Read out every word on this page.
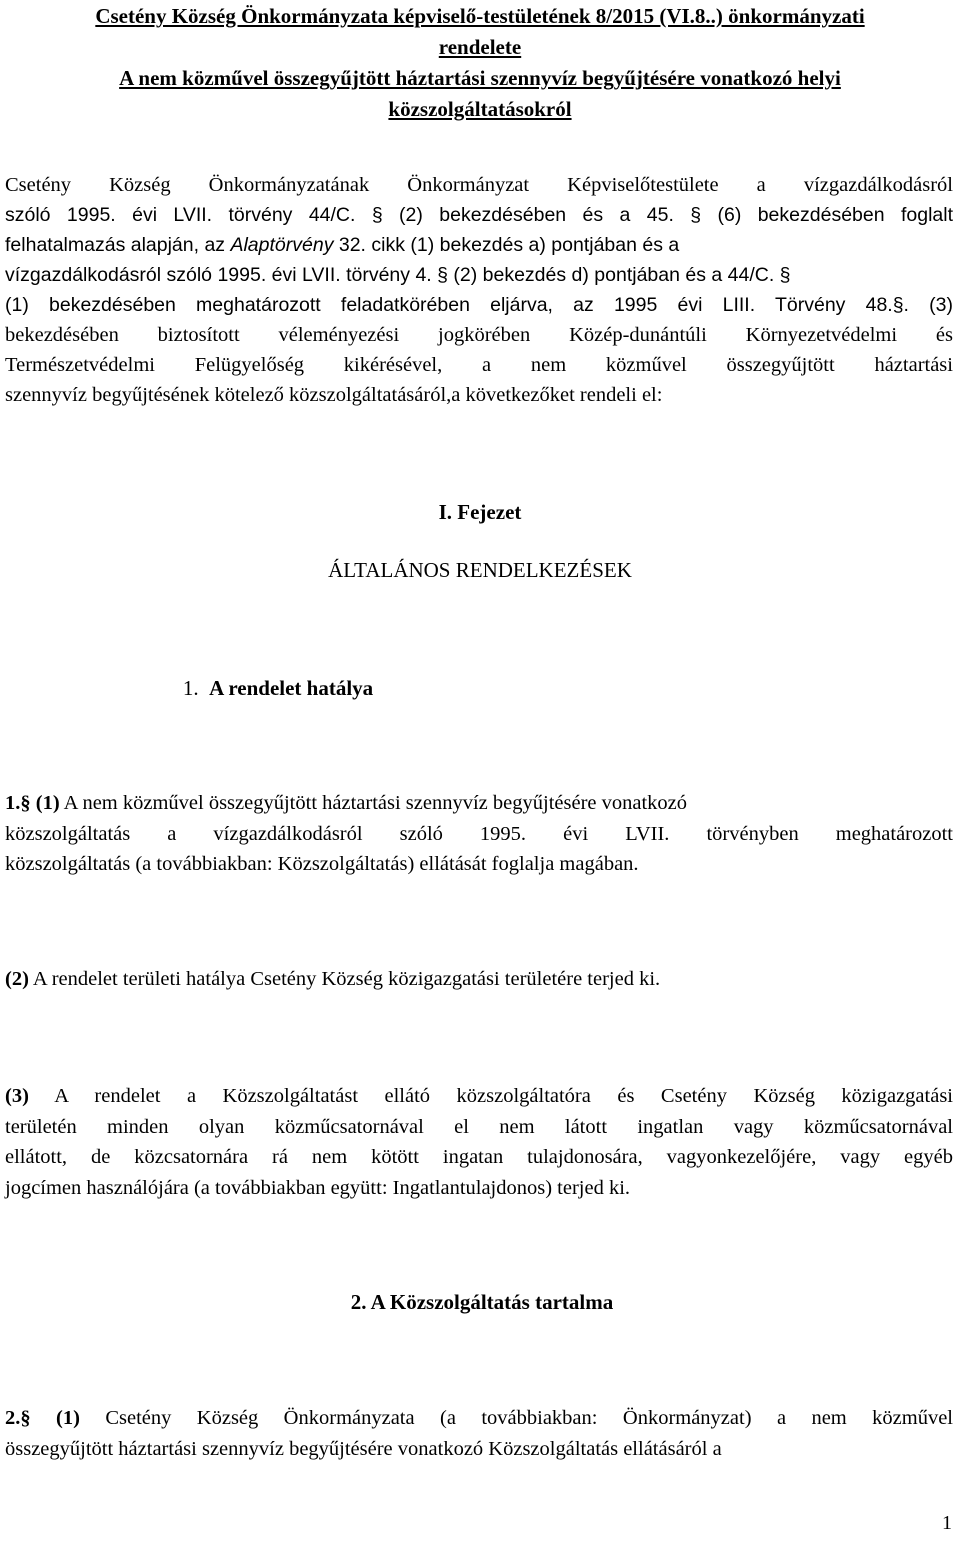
Csetény Község Önkormányzata képviselő-testületének 8/2015 (VI.8..) önkormányzati
rendelete
A nem közművel összegyűjtött háztartási szennyvíz begyűjtésére vonatkozó helyi
közszolgáltatásokról
Csetény Község Önkormányzatának Önkormányzat Képviselőtestülete a vízgazdálkodásról
szóló 1995. évi LVII. törvény 44/C. § (2) bekezdésében és a 45. § (6) bekezdésében foglalt
felhatalmazás alapján, az Alaptörvény 32. cikk (1) bekezdés a) pontjában és a
vízgazdálkodásról szóló 1995. évi LVII. törvény 4. § (2) bekezdés d) pontjában és a 44/C. §
(1) bekezdésében meghatározott feladatkörében eljárva, az 1995 évi LIII. Törvény 48.§. (3)
bekezdésében biztosított véleményezési jogkörében Közép-dunántúli Környezetvédelmi és
Természetvédelmi Felügyelőség kikérésével, a nem közművel összegyűjtött háztartási
szennyvíz begyűjtésének kötelező közszolgáltatásáról,a következőket rendeli el:
I. Fejezet
ÁLTALÁNOS RENDELKEZÉSEK
1. A rendelet hatálya
1.§ (1) A nem közművel összegyűjtött háztartási szennyvíz begyűjtésére vonatkozó
közszolgáltatás a vízgazdálkodásról szóló 1995. évi LVII. törvényben meghatározott
közszolgáltatás (a továbbiakban: Közszolgáltatás) ellátását foglalja magában.
(2) A rendelet területi hatálya Csetény Község közigazgatási területére terjed ki.
(3) A rendelet a Közszolgáltatást ellátó közszolgáltatóra és Csetény Község közigazgatási
területén minden olyan közműcsatornával el nem látott ingatlan vagy közműcsatornával
ellátott, de közcsatornára rá nem kötött ingatan tulajdonosára, vagyonkezelőjére, vagy egyéb
jogcímen használójára (a továbbiakban együtt: Ingatlantulajdonos) terjed ki.
2. A Közszolgáltatás tartalma
2.§ (1) Csetény Község Önkormányzata (a továbbiakban: Önkormányzat) a nem közművel
összegyűjtött háztartási szennyvíz begyűjtésére vonatkozó Közszolgáltatás ellátásáról a
1
